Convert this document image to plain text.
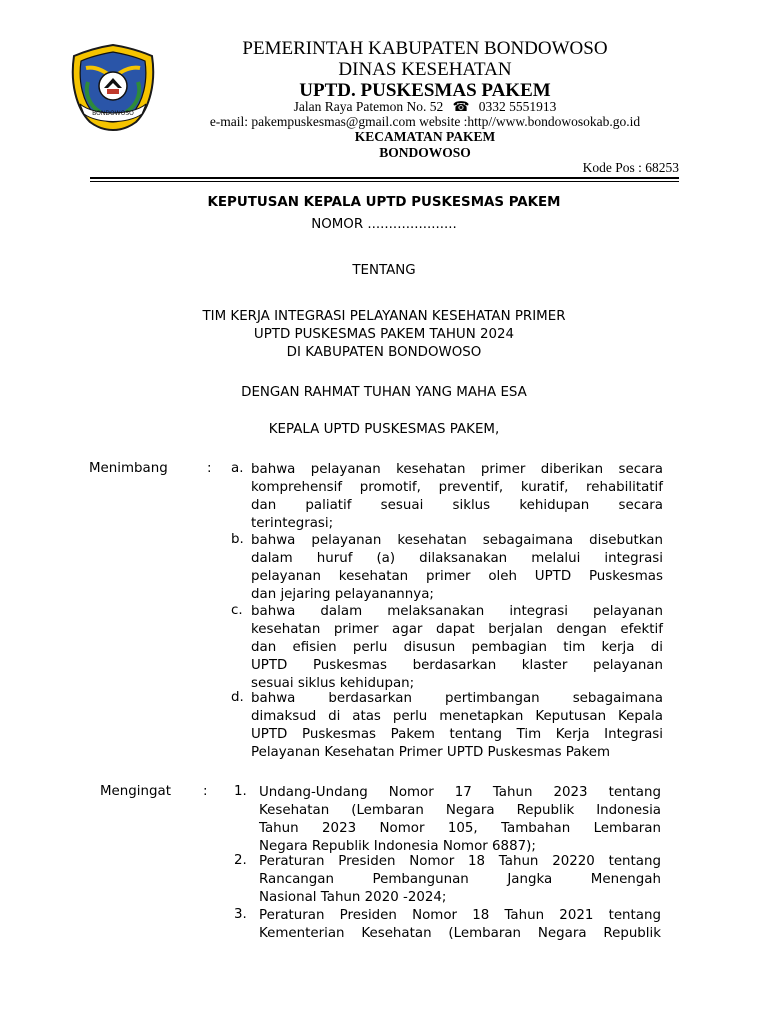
BONDOWOSO
PEMERINTAH KABUPATEN BONDOWOSO
DINAS KESEHATAN
UPTD. PUSKESMAS PAKEM
Jalan Raya Patemon No. 52 ☎ 0332 5551913
e-mail: pakempuskesmas@gmail.com website :http//www.bondowosokab.go.id
KECAMATAN PAKEM
BONDOWOSO
Kode Pos : 68253
KEPUTUSAN KEPALA UPTD PUSKESMAS PAKEM
NOMOR .....................
TENTANG
TIM KERJA INTEGRASI PELAYANAN KESEHATAN PRIMER
UPTD PUSKESMAS PAKEM TAHUN 2024
DI KABUPATEN BONDOWOSO
DENGAN RAHMAT TUHAN YANG MAHA ESA
KEPALA UPTD PUSKESMAS PAKEM,
Menimbang	: a. bahwa pelayanan kesehatan primer diberikan secara
komprehensif promotif, preventif, kuratif, rehabilitatif
dan paliatif sesuai siklus kehidupan secara
terintegrasi;
b. bahwa pelayanan kesehatan sebagaimana disebutkan
dalam huruf (a) dilaksanakan melalui integrasi
pelayanan kesehatan primer oleh UPTD Puskesmas
dan jejaring pelayanannya;
c. bahwa dalam melaksanakan integrasi pelayanan
kesehatan primer agar dapat berjalan dengan efektif
dan efisien perlu disusun pembagian tim kerja di
UPTD Puskesmas berdasarkan klaster pelayanan
sesuai siklus kehidupan;
d. bahwa berdasarkan pertimbangan sebagaimana
dimaksud di atas perlu menetapkan Keputusan Kepala
UPTD Puskesmas Pakem tentang Tim Kerja Integrasi
Pelayanan Kesehatan Primer UPTD Puskesmas Pakem
Mengingat : 1. Undang-Undang Nomor 17 Tahun 2023 tentang
Kesehatan (Lembaran Negara Republik Indonesia
Tahun 2023 Nomor 105, Tambahan Lembaran
Negara Republik Indonesia Nomor 6887);
2. Peraturan Presiden Nomor 18 Tahun 20220 tentang
Rancangan Pembangunan Jangka Menengah
Nasional Tahun 2020 -2024;
3. Peraturan Presiden Nomor 18 Tahun 2021 tentang
Kementerian Kesehatan (Lembaran Negara Republik
